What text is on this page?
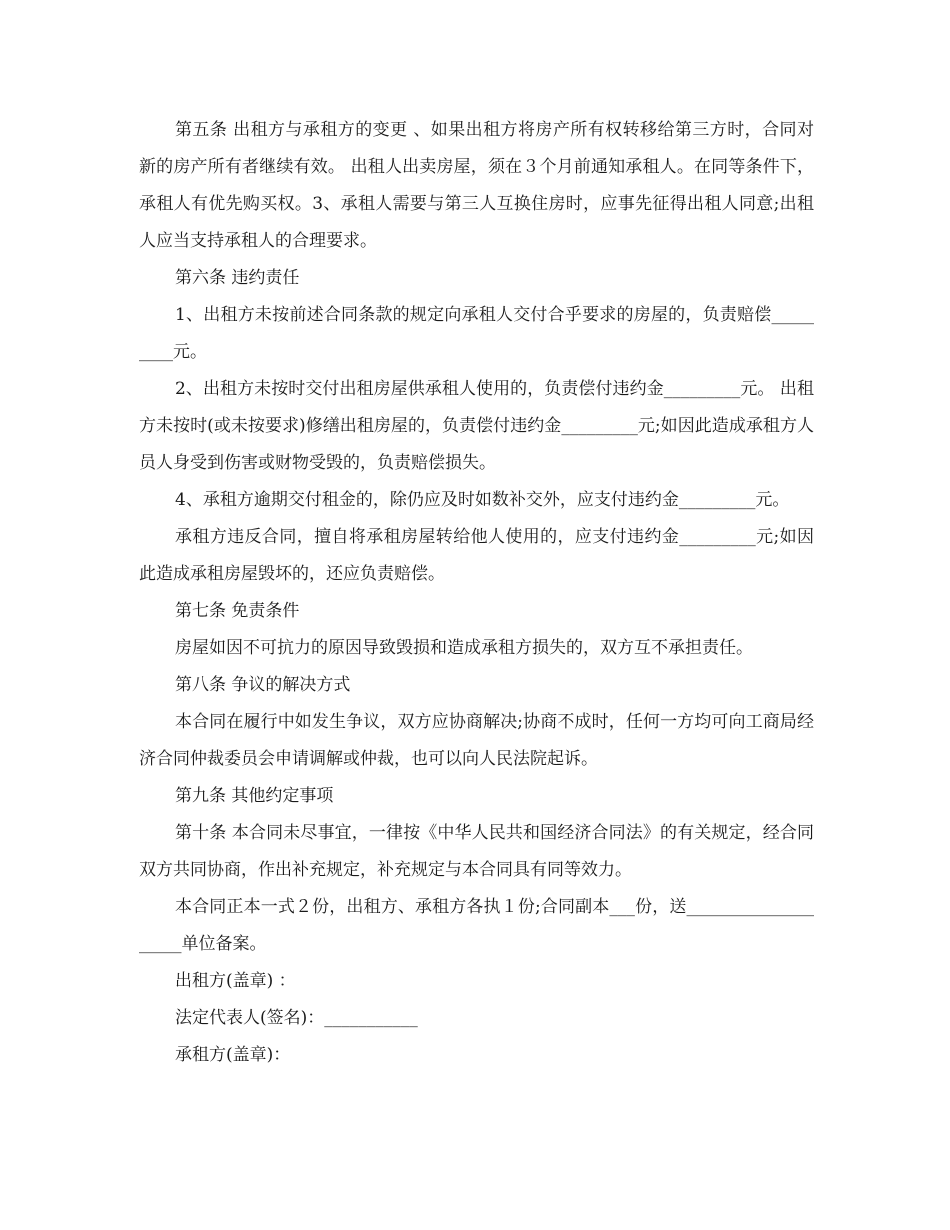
第五条 出租方与承租方的变更 、如果出租方将房产所有权转移给第三方时，合同对新的房产所有者继续有效。 出租人出卖房屋，须在３个月前通知承租人。在同等条件下，承租人有优先购买权。3、承租人需要与第三人互换住房时，应事先征得出租人同意;出租人应当支持承租人的合理要求。

第六条 违约责任

1、出租方未按前述合同条款的规定向承租人交付合乎要求的房屋的，负责赔偿_________元。

2、出租方未按时交付出租房屋供承租人使用的，负责偿付违约金_________元。 出租方未按时(或未按要求)修缮出租房屋的，负责偿付违约金_________元;如因此造成承租方人员人身受到伤害或财物受毁的，负责赔偿损失。

4、承租方逾期交付租金的，除仍应及时如数补交外，应支付违约金_________元。

承租方违反合同，擅自将承租房屋转给他人使用的，应支付违约金_________元;如因此造成承租房屋毁坏的，还应负责赔偿。

第七条 免责条件

房屋如因不可抗力的原因导致毁损和造成承租方损失的，双方互不承担责任。

第八条 争议的解决方式

本合同在履行中如发生争议，双方应协商解决;协商不成时，任何一方均可向工商局经济合同仲裁委员会申请调解或仲裁，也可以向人民法院起诉。

第九条 其他约定事项

第十条 本合同未尽事宜，一律按《中华人民共和国经济合同法》的有关规定，经合同双方共同协商，作出补充规定，补充规定与本合同具有同等效力。

本合同正本一式２份，出租方、承租方各执１份;合同副本___份，送____________________单位备案。

出租方(盖章) ：

法定代表人(签名)：___________

承租方(盖章)：
